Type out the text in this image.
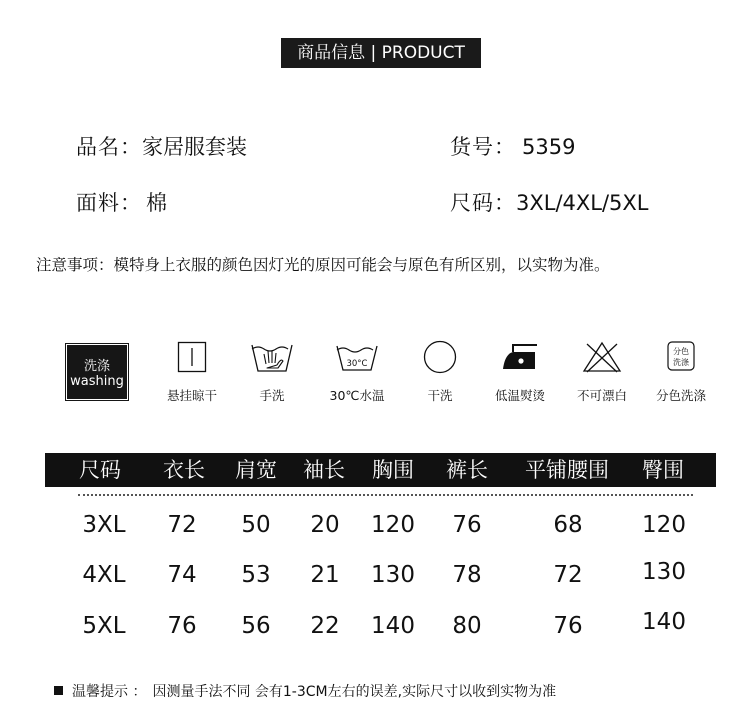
商品信息 | PRODUCT
品名：家居服套装	货号： 5359
面料： 棉	尺码：3XL/4XL/5XL
注意事项：模特身上衣服的颜色因灯光的原因可能会与原色有所区别，以实物为准。
洗涤
washing
悬挂晾干	手洗
30°C
30℃水温	干洗	低温熨烫	不可漂白
分色
洗涤
分色洗涤
尺码 衣长 肩宽 袖长 胸围 裤长 平铺腰围 臀围
3XL 72 50 20 120 76	68	120
4XL 74 53 21 130 78	72	130
5XL 76 56 22 140 80	76	140
温馨提示 ： 因测量手法不同 会有1-3CM左右的误差,实际尺寸以收到实物为准
